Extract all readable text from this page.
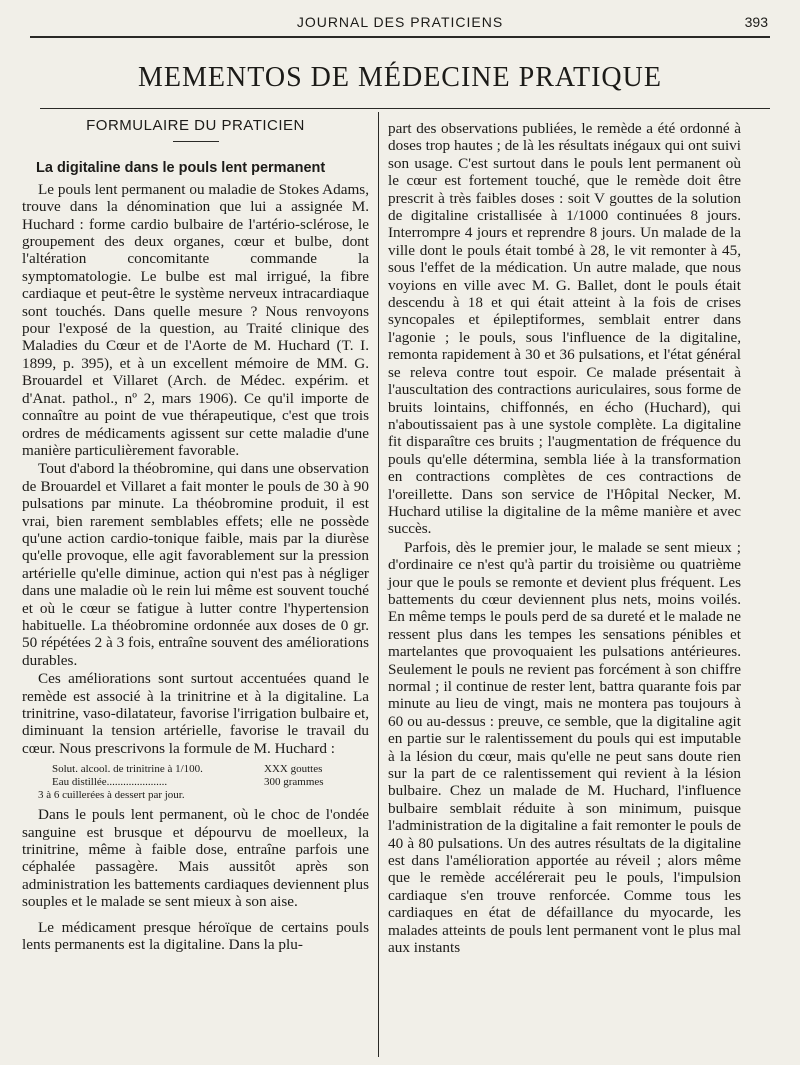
JOURNAL DES PRATICIENS	393
MEMENTOS DE MÉDECINE PRATIQUE
FORMULAIRE DU PRATICIEN
La digitaline dans le pouls lent permanent

Le pouls lent permanent ou maladie de Stokes Adams, trouve dans la dénomination que lui a assignée M. Huchard : forme cardio bulbaire de l'artério-sclérose, le groupement des deux organes, cœur et bulbe, dont l'altération concomitante commande la symptomatologie. Le bulbe est mal irrigué, la fibre cardiaque et peut-être le système nerveux intracardiaque sont touchés. Dans quelle mesure ? Nous renvoyons pour l'exposé de la question, au Traité clinique des Maladies du Cœur et de l'Aorte de M. Huchard (T. I. 1899, p. 395), et à un excellent mémoire de MM. G. Brouardel et Villaret (Arch. de Médec. expérim. et d'Anat. pathol., nº 2, mars 1906). Ce qu'il importe de connaître au point de vue thérapeutique, c'est que trois ordres de médicaments agissent sur cette maladie d'une manière particulièrement favorable.

Tout d'abord la théobromine, qui dans une observation de Brouardel et Villaret a fait monter le pouls de 30 à 90 pulsations par minute. La théobromine produit, il est vrai, bien rarement semblables effets; elle ne possède qu'une action cardio-tonique faible, mais par la diurèse qu'elle provoque, elle agit favorablement sur la pression artérielle qu'elle diminue, action qui n'est pas à négliger dans une maladie où le rein lui même est souvent touché et où le cœur se fatigue à lutter contre l'hypertension habituelle. La théobromine ordonnée aux doses de 0 gr. 50 répétées 2 à 3 fois, entraîne souvent des améliorations durables.

Ces améliorations sont surtout accentuées quand le remède est associé à la trinitrine et à la digitaline. La trinitrine, vaso-dilatateur, favorise l'irrigation bulbaire et, diminuant la tension artérielle, favorise le travail du cœur. Nous prescrivons la formule de M. Huchard :

Solut. alcool. de trinitrine à 1/100.	XXX gouttes
Eau distillée......................	300 grammes
3 à 6 cuillerées à dessert par jour.

Dans le pouls lent permanent, où le choc de l'ondée sanguine est brusque et dépourvu de moelleux, la trinitrine, même à faible dose, entraîne parfois une céphalée passagère. Mais aussitôt après son administration les battements cardiaques deviennent plus souples et le malade se sent mieux à son aise.

Le médicament presque héroïque de certains pouls lents permanents est la digitaline. Dans la plu-

part des observations publiées, le remède a été ordonné à doses trop hautes ; de là les résultats inégaux qui ont suivi son usage. C'est surtout dans le pouls lent permanent où le cœur est fortement touché, que le remède doit être prescrit à très faibles doses : soit V gouttes de la solution de digitaline cristallisée à 1/1000 continuées 8 jours. Interrompre 4 jours et reprendre 8 jours. Un malade de la ville dont le pouls était tombé à 28, le vit remonter à 45, sous l'effet de la médication. Un autre malade, que nous voyions en ville avec M. G. Ballet, dont le pouls était descendu à 18 et qui était atteint à la fois de crises syncopales et épileptiformes, semblait entrer dans l'agonie ; le pouls, sous l'influence de la digitaline, remonta rapidement à 30 et 36 pulsations, et l'état général se releva contre tout espoir. Ce malade présentait à l'auscultation des contractions auriculaires, sous forme de bruits lointains, chiffonnés, en écho (Huchard), qui n'aboutissaient pas à une systole complète. La digitaline fit disparaître ces bruits ; l'augmentation de fréquence du pouls qu'elle détermina, sembla liée à la transformation en contractions complètes de ces contractions de l'oreillette. Dans son service de l'Hôpital Necker, M. Huchard utilise la digitaline de la même manière et avec succès.

Parfois, dès le premier jour, le malade se sent mieux ; d'ordinaire ce n'est qu'à partir du troisième ou quatrième jour que le pouls se remonte et devient plus fréquent. Les battements du cœur deviennent plus nets, moins voilés. En même temps le pouls perd de sa dureté et le malade ne ressent plus dans les tempes les sensations pénibles et martelantes que provoquaient les pulsations antérieures. Seulement le pouls ne revient pas forcément à son chiffre normal ; il continue de rester lent, battra quarante fois par minute au lieu de vingt, mais ne montera pas toujours à 60 ou au-dessus : preuve, ce semble, que la digitaline agit en partie sur le ralentissement du pouls qui est imputable à la lésion du cœur, mais qu'elle ne peut sans doute rien sur la part de ce ralentissement qui revient à la lésion bulbaire. Chez un malade de M. Huchard, l'influence bulbaire semblait réduite à son minimum, puisque l'administration de la digitaline a fait remonter le pouls de 40 à 80 pulsations. Un des autres résultats de la digitaline est dans l'amélioration apportée au réveil ; alors même que le remède accélérerait peu le pouls, l'impulsion cardiaque s'en trouve renforcée. Comme tous les cardiaques en état de défaillance du myocarde, les malades atteints de pouls lent permanent vont le plus mal aux instants
